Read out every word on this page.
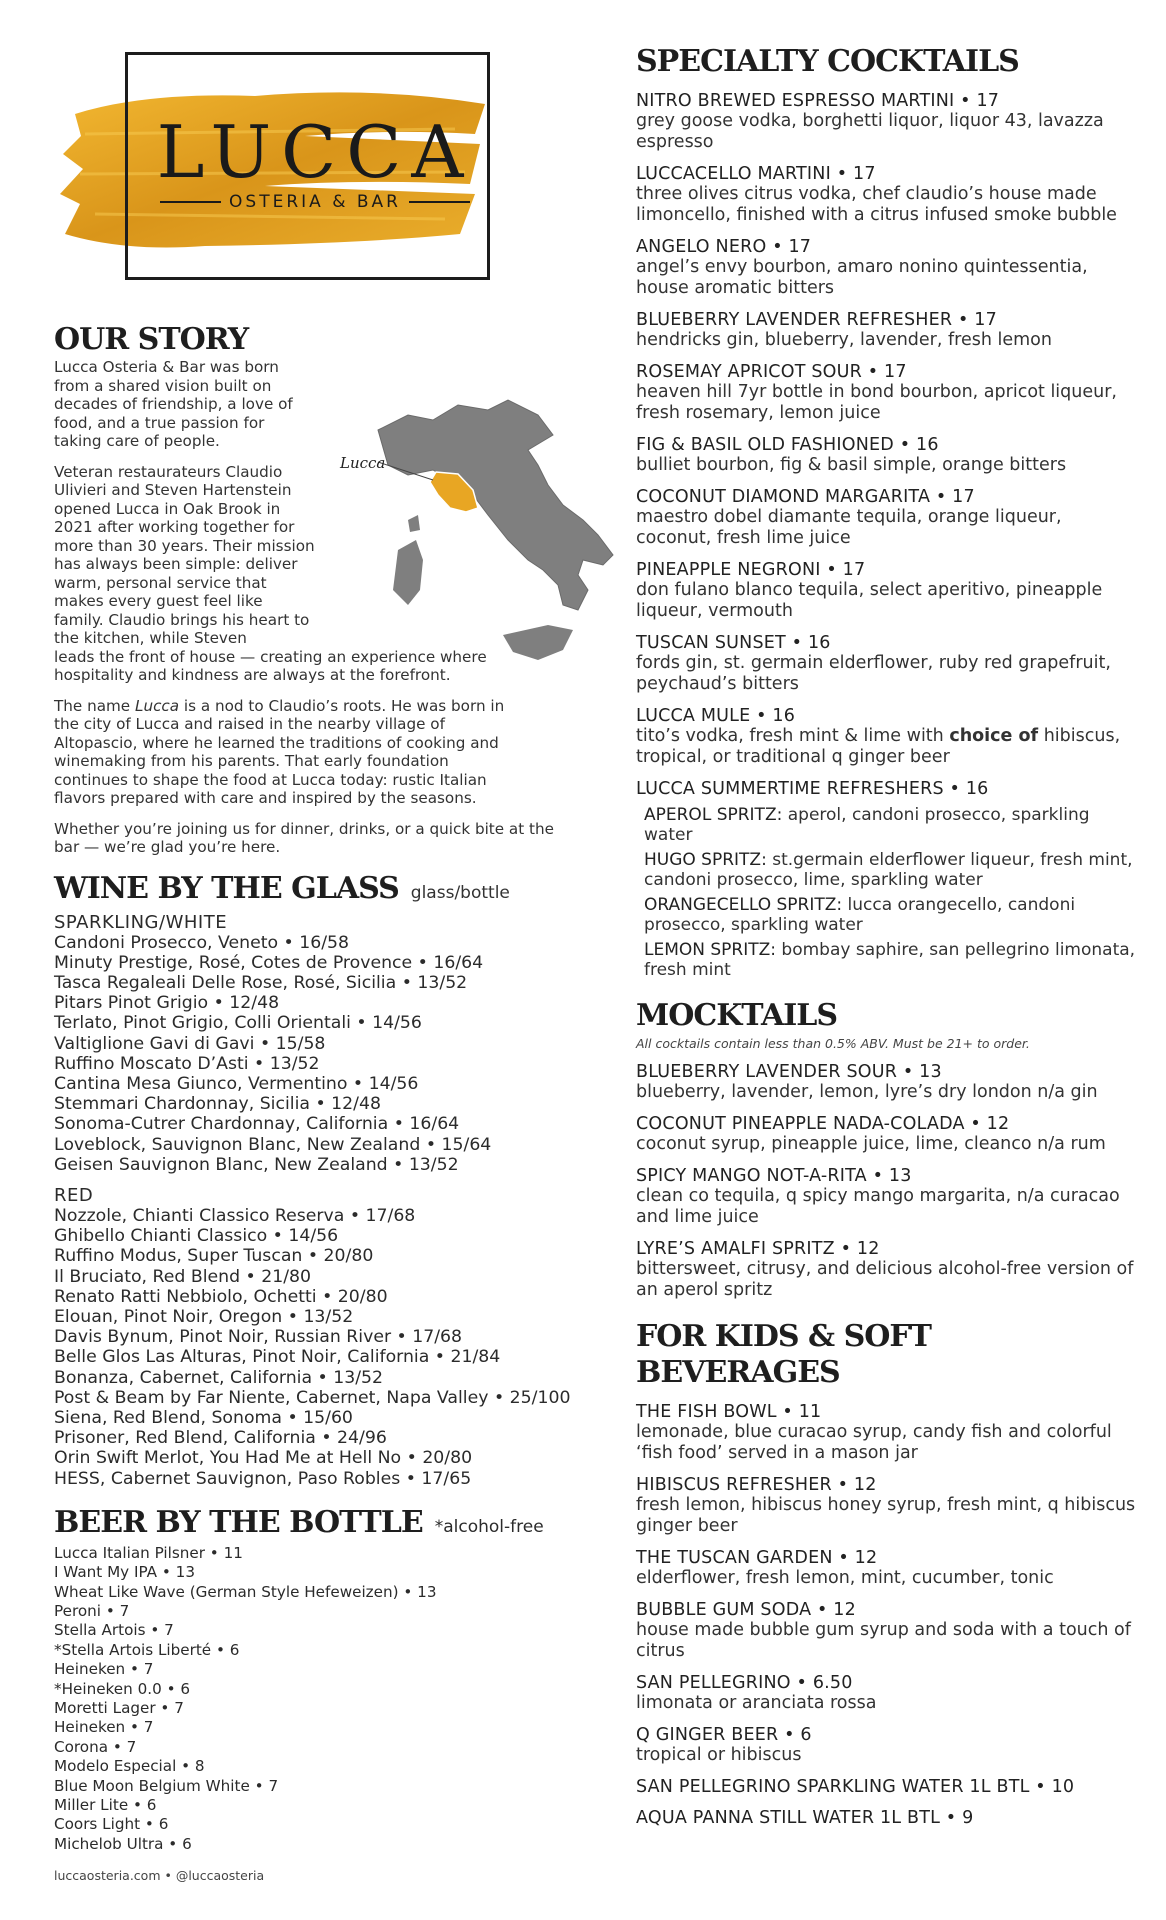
LUCCA
OSTERIA & BAR
OUR STORY
Lucca

Lucca Osteria & Bar was born from a shared vision built on decades of friendship, a love of food, and a true passion for taking care of people.

Veteran restaurateurs Claudio Ulivieri and Steven Hartenstein opened Lucca in Oak Brook in 2021 after working together for more than 30 years. Their mission has always been simple: deliver warm, personal service that makes every guest feel like family. Claudio brings his heart to the kitchen, while Steven

leads the front of house — creating an experience where hospitality and kindness are always at the forefront.

The name Lucca is a nod to Claudio’s roots. He was born in the city of Lucca and raised in the nearby village of Altopascio, where he learned the traditions of cooking and winemaking from his parents. That early foundation continues to shape the food at Lucca today: rustic Italian flavors prepared with care and inspired by the seasons.

Whether you’re joining us for dinner, drinks, or a quick bite at the bar — we’re glad you’re here.

WINE BY THE GLASS glass/bottle
SPARKLING/WHITE
Candoni Prosecco, Veneto • 16/58
Minuty Prestige, Rosé, Cotes de Provence • 16/64
Tasca Regaleali Delle Rose, Rosé, Sicilia • 13/52
Pitars Pinot Grigio • 12/48
Terlato, Pinot Grigio, Colli Orientali • 14/56
Valtiglione Gavi di Gavi • 15/58
Ruffino Moscato D’Asti • 13/52
Cantina Mesa Giunco, Vermentino • 14/56
Stemmari Chardonnay, Sicilia • 12/48
Sonoma-Cutrer Chardonnay, California • 16/64
Loveblock, Sauvignon Blanc, New Zealand • 15/64
Geisen Sauvignon Blanc, New Zealand • 13/52
RED
Nozzole, Chianti Classico Reserva • 17/68
Ghibello Chianti Classico • 14/56
Ruffino Modus, Super Tuscan • 20/80
Il Bruciato, Red Blend • 21/80
Renato Ratti Nebbiolo, Ochetti • 20/80
Elouan, Pinot Noir, Oregon • 13/52
Davis Bynum, Pinot Noir, Russian River • 17/68
Belle Glos Las Alturas, Pinot Noir, California • 21/84
Bonanza, Cabernet, California • 13/52
Post & Beam by Far Niente, Cabernet, Napa Valley • 25/100
Siena, Red Blend, Sonoma • 15/60
Prisoner, Red Blend, California • 24/96
Orin Swift Merlot, You Had Me at Hell No • 20/80
HESS, Cabernet Sauvignon, Paso Robles • 17/65
BEER BY THE BOTTLE *alcohol-free
Lucca Italian Pilsner • 11
I Want My IPA • 13
Wheat Like Wave (German Style Hefeweizen) • 13
Peroni • 7
Stella Artois • 7
*Stella Artois Liberté • 6
Heineken • 7
*Heineken 0.0 • 6
Moretti Lager • 7
Heineken • 7
Corona • 7
Modelo Especial • 8
Blue Moon Belgium White • 7
Miller Lite • 6
Coors Light • 6
Michelob Ultra • 6
luccaosteria.com • @luccaosteria
SPECIALTY COCKTAILS
NITRO BREWED ESPRESSO MARTINI • 17
grey goose vodka, borghetti liquor, liquor 43, lavazza espresso
LUCCACELLO MARTINI • 17
three olives citrus vodka, chef claudio’s house made limoncello, finished with a citrus infused smoke bubble
ANGELO NERO • 17
angel’s envy bourbon, amaro nonino quintessentia, house aromatic bitters
BLUEBERRY LAVENDER REFRESHER • 17
hendricks gin, blueberry, lavender, fresh lemon
ROSEMAY APRICOT SOUR • 17
heaven hill 7yr bottle in bond bourbon, apricot liqueur, fresh rosemary, lemon juice
FIG & BASIL OLD FASHIONED • 16
bulliet bourbon, fig & basil simple, orange bitters
COCONUT DIAMOND MARGARITA • 17
maestro dobel diamante tequila, orange liqueur, coconut, fresh lime juice
PINEAPPLE NEGRONI • 17
don fulano blanco tequila, select aperitivo, pineapple liqueur, vermouth
TUSCAN SUNSET • 16
fords gin, st. germain elderflower, ruby red grapefruit, peychaud’s bitters
LUCCA MULE • 16
tito’s vodka, fresh mint & lime with choice of hibiscus, tropical, or traditional q ginger beer
LUCCA SUMMERTIME REFRESHERS • 16
APEROL SPRITZ: aperol, candoni prosecco, sparkling water
HUGO SPRITZ: st.germain elderflower liqueur, fresh mint, candoni prosecco, lime, sparkling water
ORANGECELLO SPRITZ: lucca orangecello, candoni prosecco, sparkling water
LEMON SPRITZ: bombay saphire, san pellegrino limonata, fresh mint
MOCKTAILS
All cocktails contain less than 0.5% ABV. Must be 21+ to order.
BLUEBERRY LAVENDER SOUR • 13
blueberry, lavender, lemon, lyre’s dry london n/a gin
COCONUT PINEAPPLE NADA-COLADA • 12
coconut syrup, pineapple juice, lime, cleanco n/a rum
SPICY MANGO NOT-A-RITA • 13
clean co tequila, q spicy mango margarita, n/a curacao and lime juice
LYRE’S AMALFI SPRITZ • 12
bittersweet, citrusy, and delicious alcohol-free version of an aperol spritz
FOR KIDS & SOFT BEVERAGES
THE FISH BOWL • 11
lemonade, blue curacao syrup, candy fish and colorful ‘fish food’ served in a mason jar
HIBISCUS REFRESHER • 12
fresh lemon, hibiscus honey syrup, fresh mint, q hibiscus ginger beer
THE TUSCAN GARDEN • 12
elderflower, fresh lemon, mint, cucumber, tonic
BUBBLE GUM SODA • 12
house made bubble gum syrup and soda with a touch of citrus
SAN PELLEGRINO • 6.50
limonata or aranciata rossa
Q GINGER BEER • 6
tropical or hibiscus
SAN PELLEGRINO SPARKLING WATER 1L BTL • 10
AQUA PANNA STILL WATER 1L BTL • 9
